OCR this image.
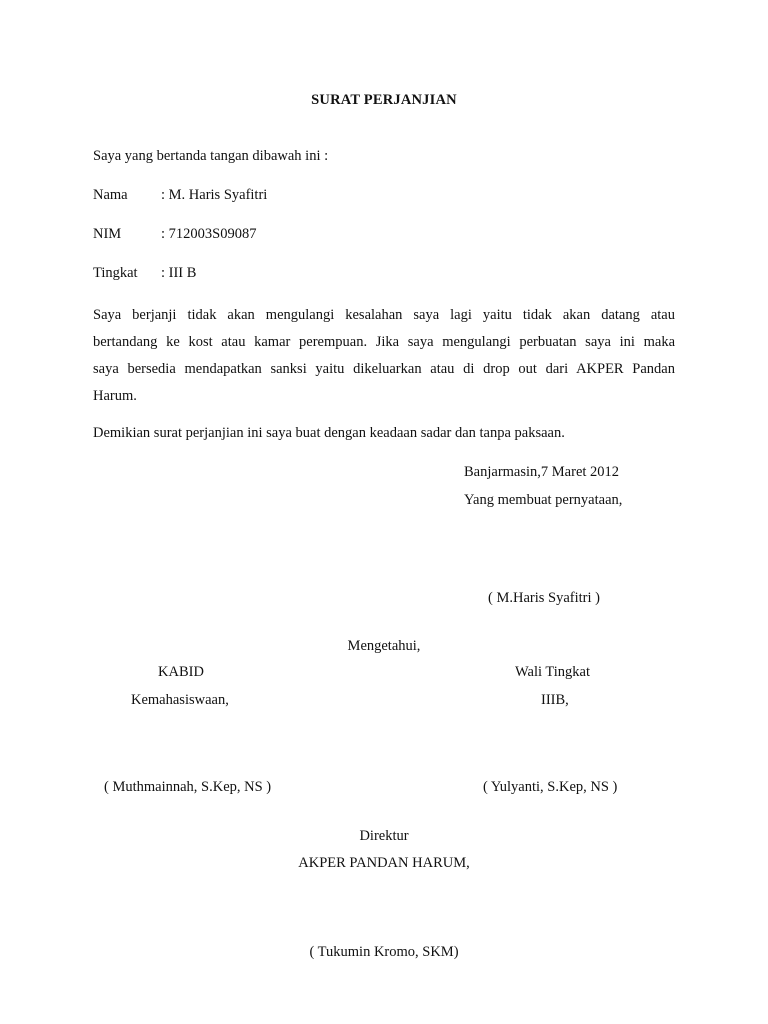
SURAT PERJANJIAN
Saya yang bertanda tangan dibawah ini :
Nama : M. Haris Syafitri
NIM	: 712003S09087
Tingkat : III B
Saya berjanji tidak akan mengulangi kesalahan saya lagi yaitu tidak akan datang atau
bertandang ke kost atau kamar perempuan. Jika saya mengulangi perbuatan saya ini maka
saya bersedia mendapatkan sanksi yaitu dikeluarkan atau di drop out dari AKPER Pandan
Harum.
Demikian surat perjanjian ini saya buat dengan keadaan sadar dan tanpa paksaan.
Banjarmasin,7 Maret 2012
Yang membuat pernyataan,
( M.Haris Syafitri )
Mengetahui,
KABID
Kemahasiswaan,
Wali Tingkat
IIIB,
( Muthmainnah, S.Kep, NS )	( Yulyanti, S.Kep, NS )
Direktur
AKPER PANDAN HARUM,
( Tukumin Kromo, SKM)
